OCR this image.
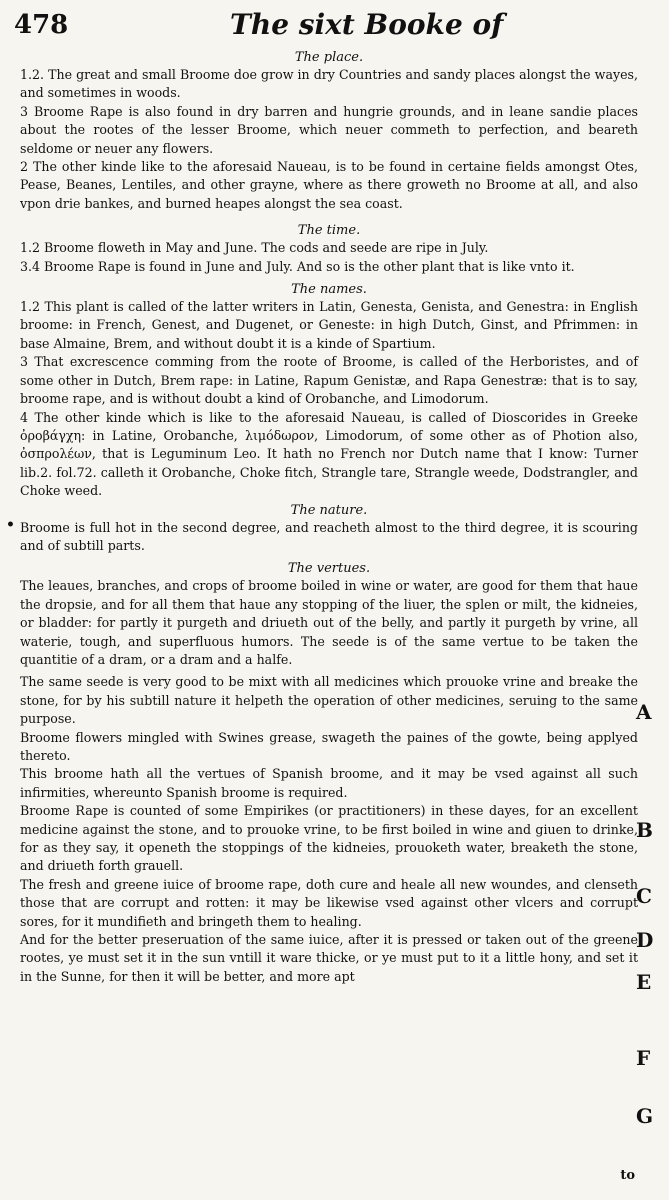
478	The sixt Booke of
The place.

1.2. The great and small Broome doe grow in dry Countries and sandy places alongst the wayes, and sometimes in woods.

3 Broome Rape is also found in dry barren and hungrie grounds, and in leane sandie places about the rootes of the lesser Broome, which neuer commeth to perfection, and beareth seldome or neuer any flowers.

2 The other kinde like to the aforesaid Naueau, is to be found in certaine fields amongst Otes, Pease, Beanes, Lentiles, and other grayne, where as there groweth no Broome at all, and also vpon drie bankes, and burned heapes alongst the sea coast.

The time.

1.2 Broome floweth in May and June. The cods and seede are ripe in July.

3.4 Broome Rape is found in June and July. And so is the other plant that is like vnto it.

The names.

1.2 This plant is called of the latter writers in Latin, Genesta, Genista, and Genestra: in English broome: in French, Genest, and Dugenet, or Geneste: in high Dutch, Ginst, and Pfrimmen: in base Almaine, Brem, and without doubt it is a kinde of Spartium.

3 That excrescence comming from the roote of Broome, is called of the Herboristes, and of some other in Dutch, Brem rape: in Latine, Rapum Genistæ, and Rapa Genestræ: that is to say, broome rape, and is without doubt a kind of Orobanche, and Limodorum.

4 The other kinde which is like to the aforesaid Naueau, is called of Dioscorides in Greeke ὀροβάγχη: in Latine, Orobanche, λιμόδωρον, Limodorum, of some other as of Photion also, ὀσπρολέων, that is Leguminum Leo. It hath no French nor Dutch name that I know: Turner lib.2. fol.72. calleth it Orobanche, Choke fitch, Strangle tare, Strangle weede, Dodstrangler, and Choke weed.

The nature.

Broome is full hot in the second degree, and reacheth almost to the third degree, it is scouring and of subtill parts.

The vertues.

The leaues, branches, and crops of broome boiled in wine or water, are good for them that haue the dropsie, and for all them that haue any stopping of the liuer, the splen or milt, the kidneies, or bladder: for partly it purgeth and driueth out of the belly, and partly it purgeth by vrine, all waterie, tough, and superfluous humors. The seede is of the same vertue to be taken the quantitie of a dram, or a dram and a halfe.

The same seede is very good to be mixt with all medicines which prouoke vrine and breake the stone, for by his subtill nature it helpeth the operation of other medicines, seruing to the same purpose.

Broome flowers mingled with Swines grease, swageth the paines of the gowte, being applyed thereto.

This broome hath all the vertues of Spanish broome, and it may be vsed against all such infirmities, whereunto Spanish broome is required.

Broome Rape is counted of some Empirikes (or practitioners) in these dayes, for an excellent medicine against the stone, and to prouoke vrine, to be first boiled in wine and giuen to drinke, for as they say, it openeth the stoppings of the kidneies, prouoketh water, breaketh the stone, and driueth forth grauell.

The fresh and greene iuice of broome rape, doth cure and heale all new woundes, and clenseth those that are corrupt and rotten: it may be likewise vsed against other vlcers and corrupt sores, for it mundifieth and bringeth them to healing.

And for the better preseruation of the same iuice, after it is pressed or taken out of the greene rootes, ye must set it in the sun vntill it ware thicke, or ye must put to it a little hony, and set it in the Sunne, for then it will be better, and more apt

•
A
B
C
D
E
F
G
to
